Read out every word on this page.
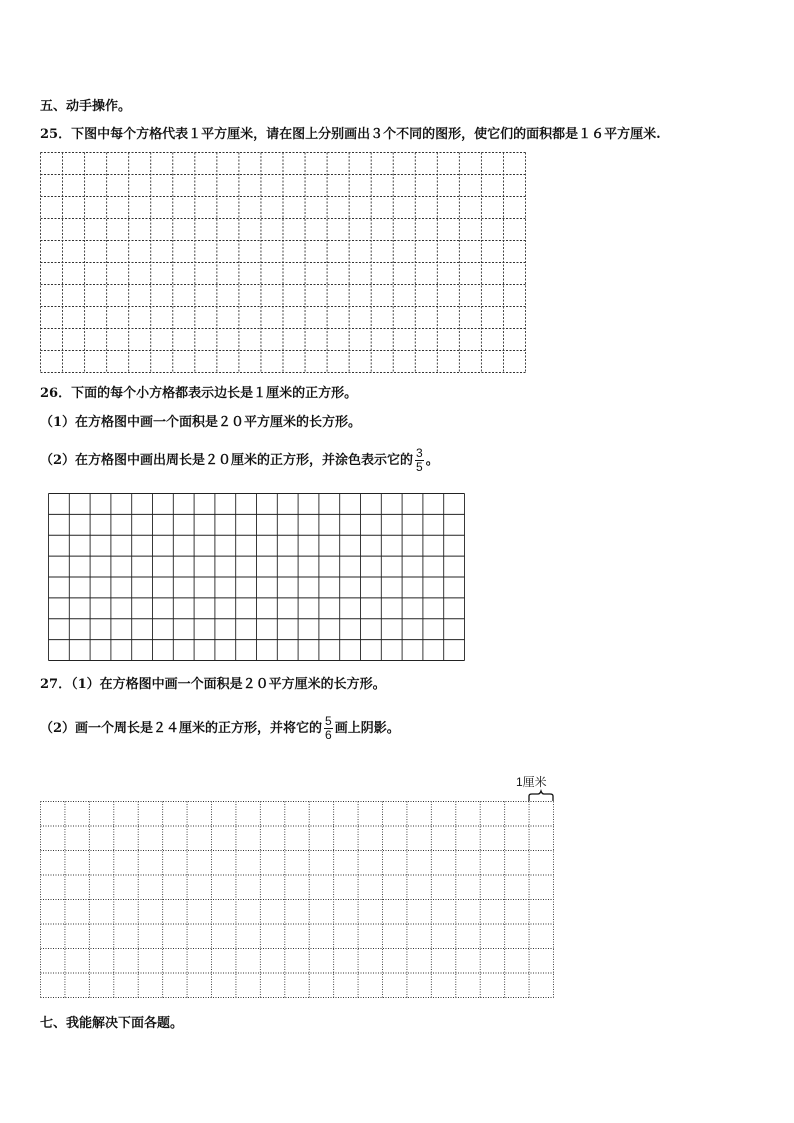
五、动手操作。
25．下图中每个方格代表１平方厘米，请在图上分别画出３个不同的图形，使它们的面积都是１６平方厘米.
26．下面的每个小方格都表示边长是１厘米的正方形。
（1）在方格图中画一个面积是２０平方厘米的长方形。
（2）在方格图中画出周长是２０厘米的正方形，并涂色表示它的 $\frac{3}{5}$ 。
27．（1）在方格图中画一个面积是２０平方厘米的长方形。
（2）画一个周长是２４厘米的正方形，并将它的 $\frac{5}{6}$ 画上阴影。
1厘米
七、我能解决下面各题。
